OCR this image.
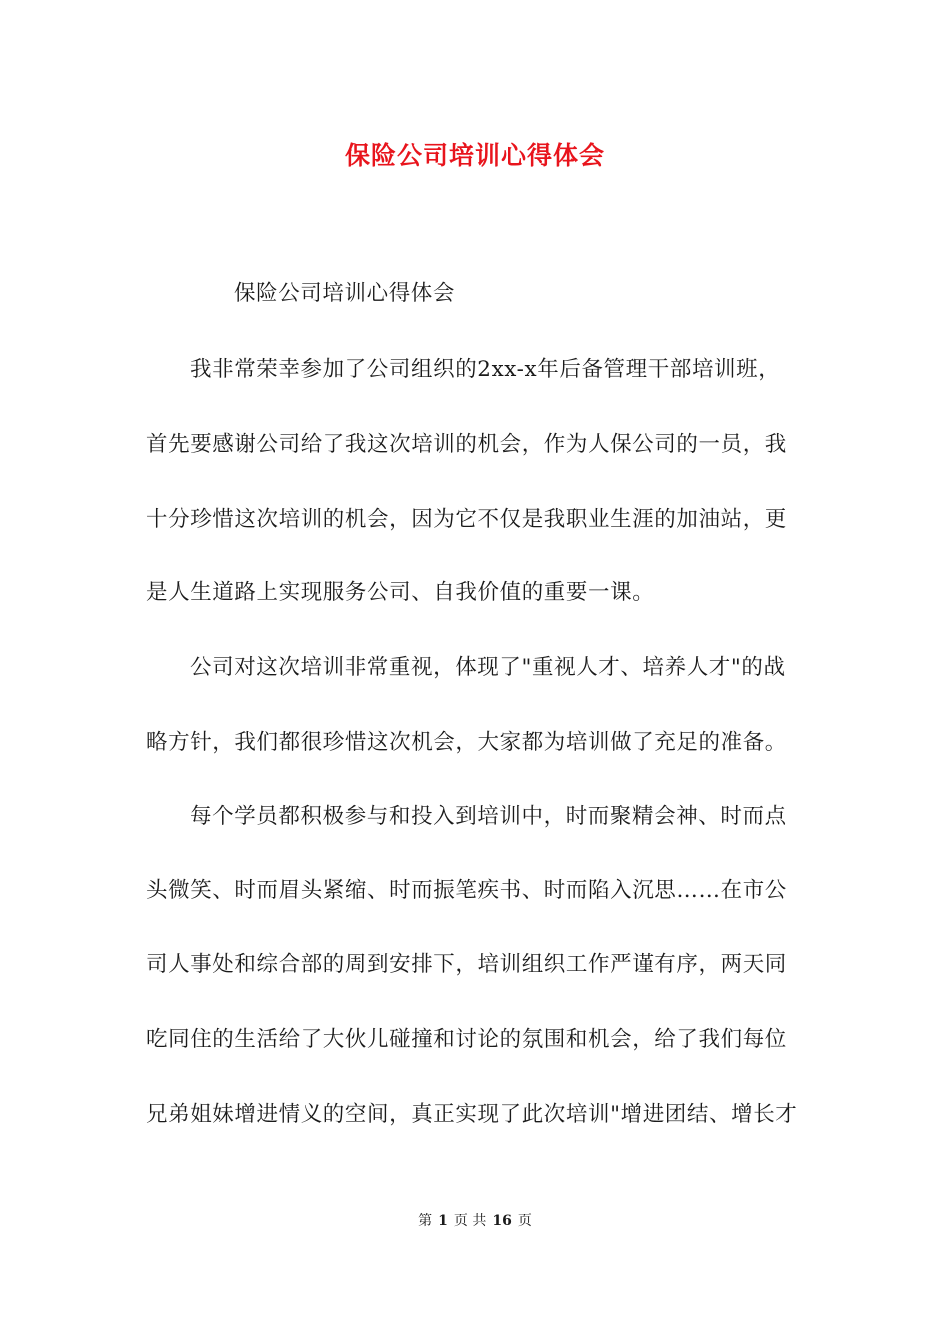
保险公司培训心得体会
保险公司培训心得体会
我非常荣幸参加了公司组织的2xx-x年后备管理干部培训班，
首先要感谢公司给了我这次培训的机会，作为人保公司的一员，我
十分珍惜这次培训的机会，因为它不仅是我职业生涯的加油站，更
是人生道路上实现服务公司、自我价值的重要一课。
公司对这次培训非常重视，体现了"重视人才、培养人才"的战
略方针，我们都很珍惜这次机会，大家都为培训做了充足的准备。
每个学员都积极参与和投入到培训中，时而聚精会神、时而点
头微笑、时而眉头紧缩、时而振笔疾书、时而陷入沉思……在市公
司人事处和综合部的周到安排下，培训组织工作严谨有序，两天同
吃同住的生活给了大伙儿碰撞和讨论的氛围和机会，给了我们每位
兄弟姐妹增进情义的空间，真正实现了此次培训"增进团结、增长才
第 1 页 共 16 页
